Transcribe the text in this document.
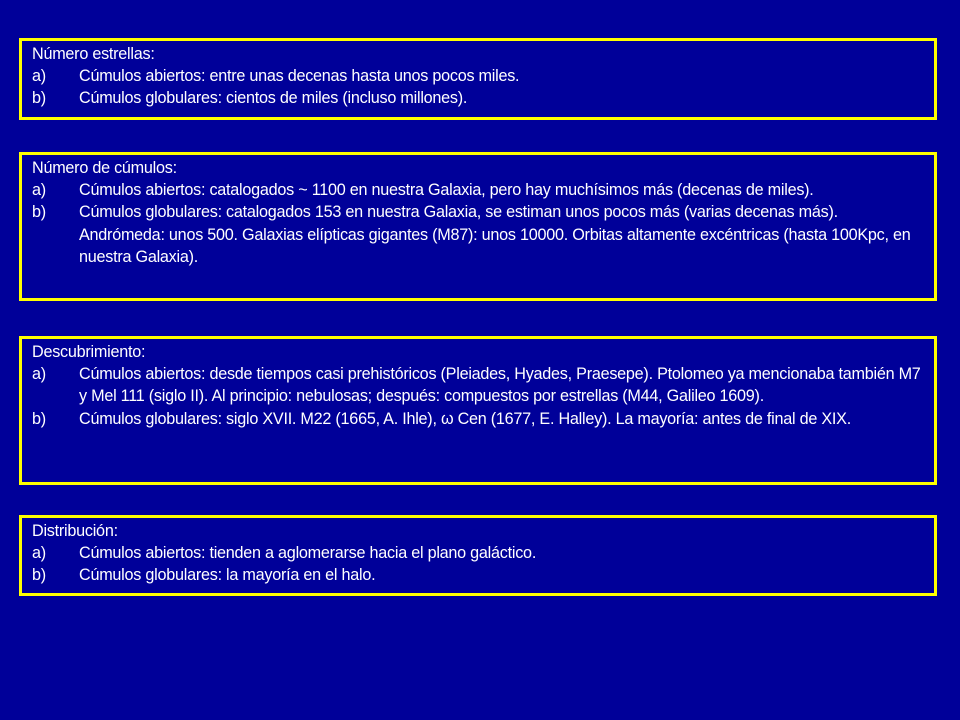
Número estrellas:
a)	Cúmulos abiertos: entre unas decenas hasta unos pocos miles.
b)	Cúmulos globulares: cientos de miles (incluso millones).
Número de cúmulos:
a)	Cúmulos abiertos: catalogados ~ 1100 en nuestra Galaxia, pero hay muchísimos más (decenas de miles).
b)	Cúmulos globulares: catalogados 153 en nuestra Galaxia, se estiman unos pocos más (varias decenas más). Andrómeda: unos 500. Galaxias elípticas gigantes (M87): unos 10000. Orbitas altamente excéntricas (hasta 100Kpc, en nuestra Galaxia).
Descubrimiento:
a)	Cúmulos abiertos: desde tiempos casi prehistóricos (Pleiades, Hyades, Praesepe). Ptolomeo ya mencionaba también M7 y Mel 111 (siglo II). Al principio: nebulosas; después: compuestos por estrellas (M44, Galileo 1609).
b)	Cúmulos globulares: siglo XVII. M22 (1665, A. Ihle), ω Cen (1677, E. Halley). La mayoría: antes de final de XIX.
Distribución:
a)	Cúmulos abiertos: tienden a aglomerarse hacia el plano galáctico.
b)	Cúmulos globulares: la mayoría en el halo.
